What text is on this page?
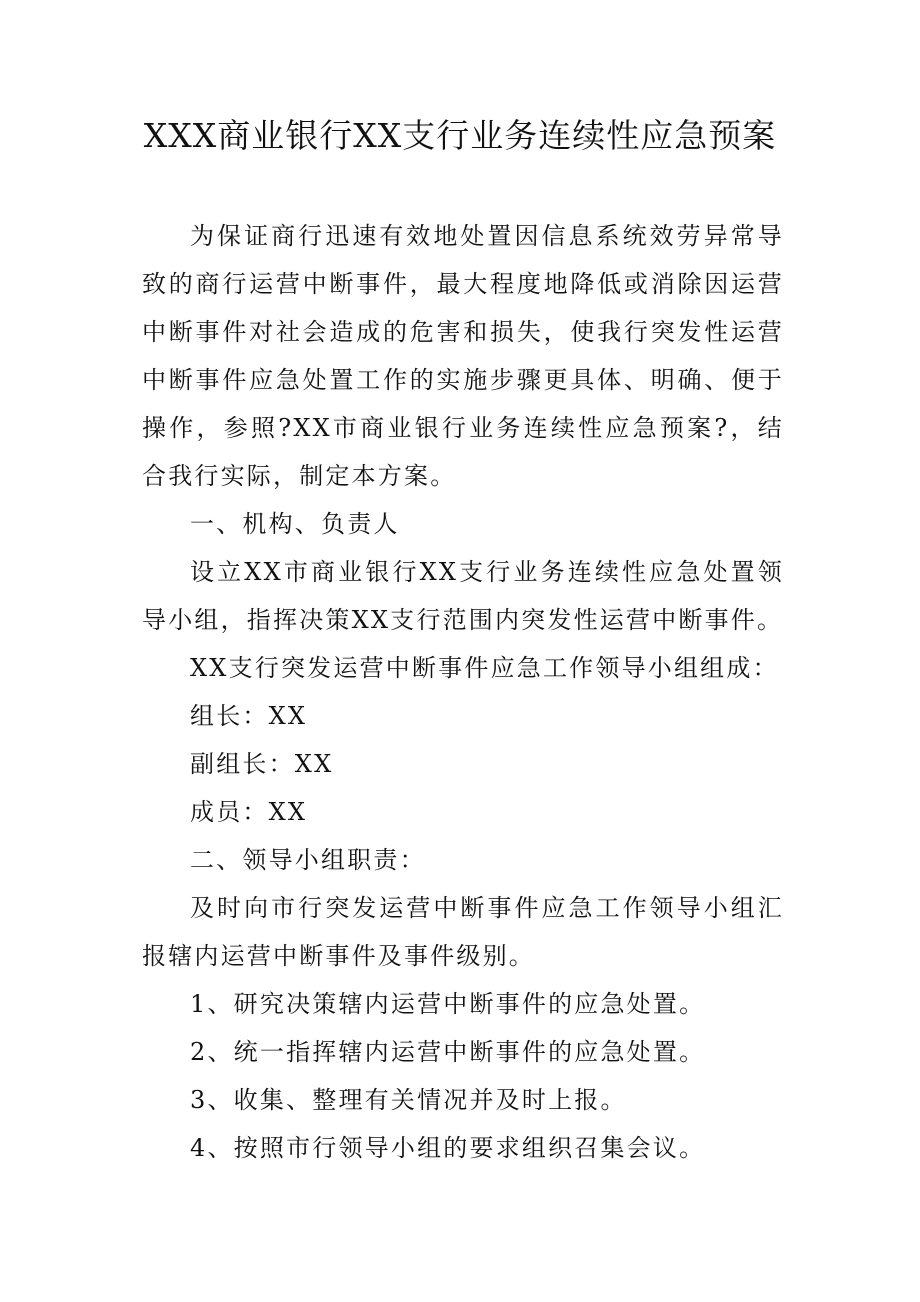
XXX商业银行XX支行业务连续性应急预案

为保证商行迅速有效地处置因信息系统效劳异常导致的商行运营中断事件，最大程度地降低或消除因运营中断事件对社会造成的危害和损失，使我行突发性运营中断事件应急处置工作的实施步骤更具体、明确、便于操作，参照?XX市商业银行业务连续性应急预案?，结合我行实际，制定本方案。

一、机构、负责人

设立XX市商业银行XX支行业务连续性应急处置领导小组，指挥决策XX支行范围内突发性运营中断事件。

XX支行突发运营中断事件应急工作领导小组组成：

组长：XX

副组长：XX

成员：XX

二、领导小组职责：

及时向市行突发运营中断事件应急工作领导小组汇报辖内运营中断事件及事件级别。

1、研究决策辖内运营中断事件的应急处置。

2、统一指挥辖内运营中断事件的应急处置。

3、收集、整理有关情况并及时上报。

4、按照市行领导小组的要求组织召集会议。
